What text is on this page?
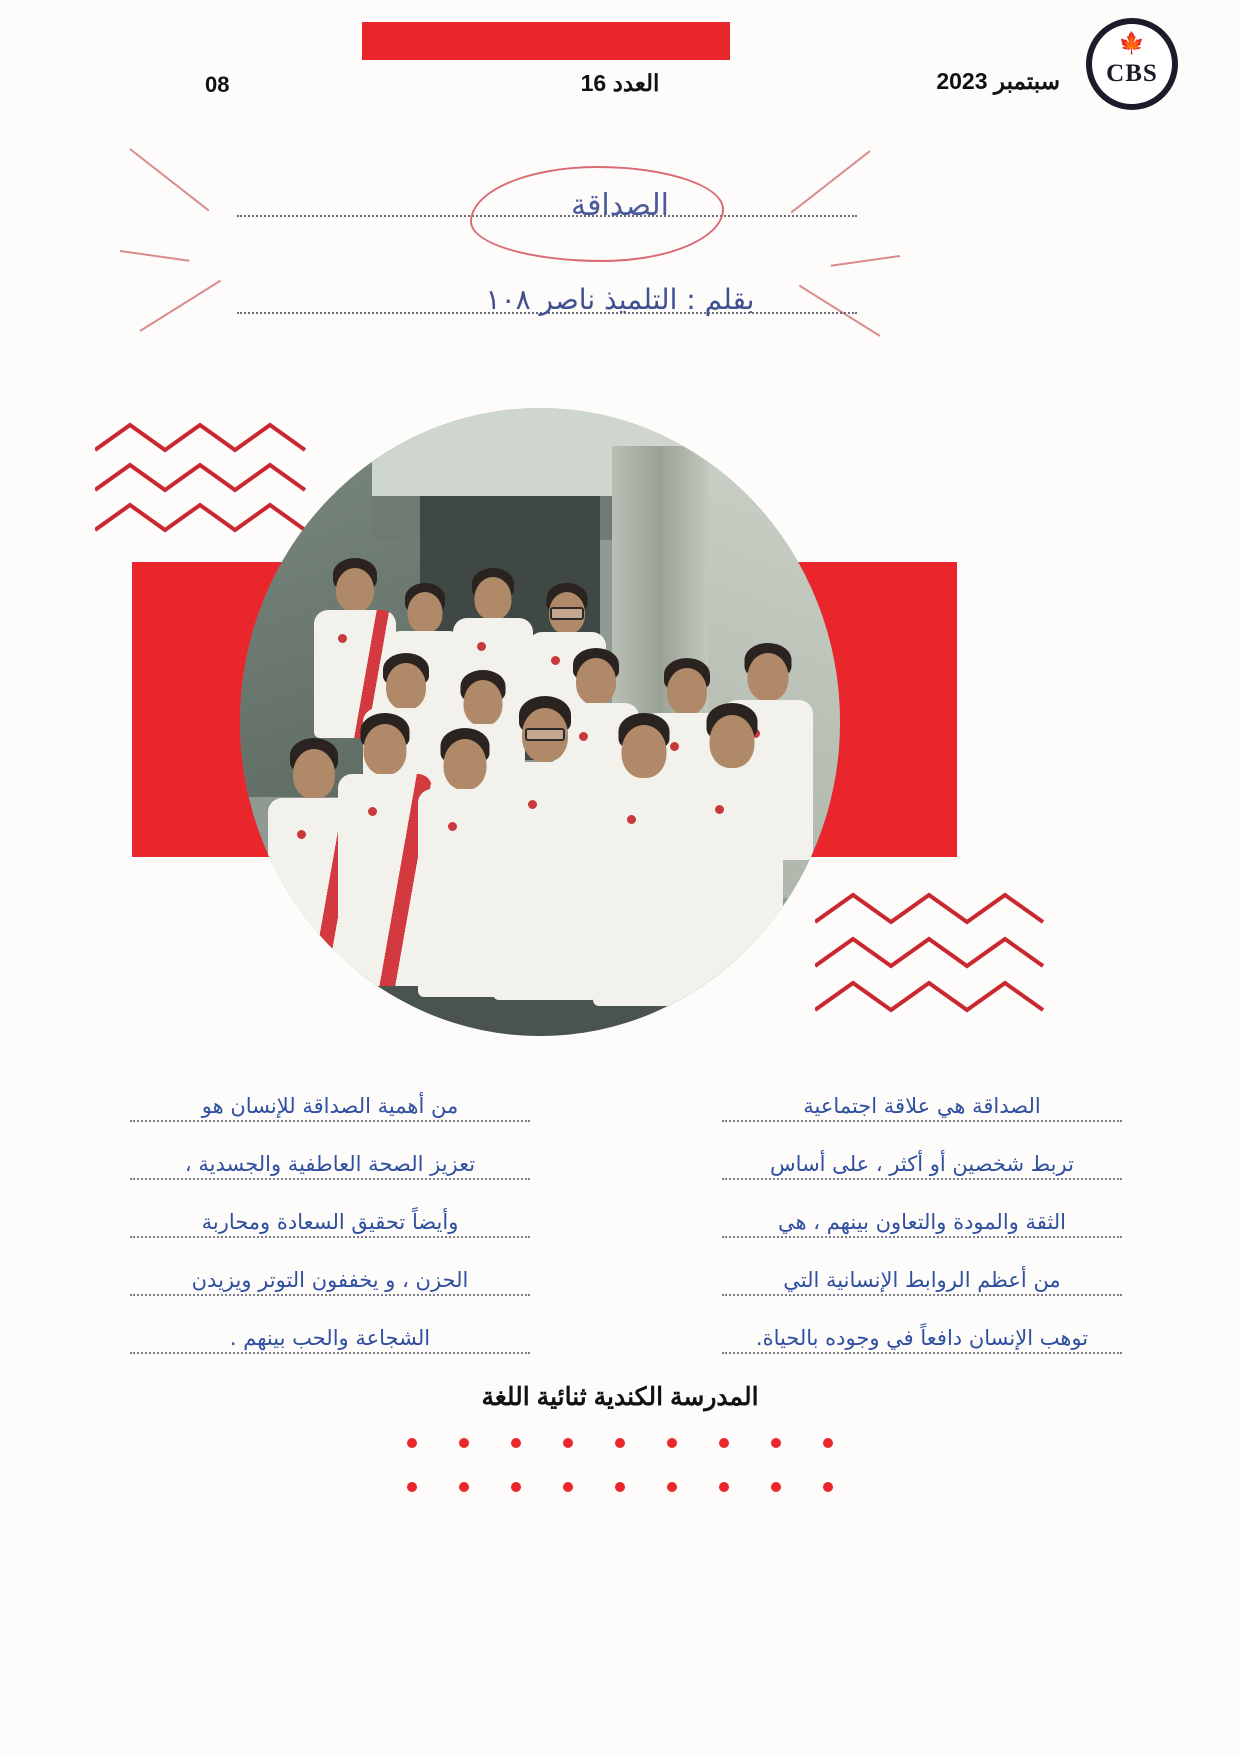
🍁
CBS
سبتمبر 2023
العدد 16
08
الصداقة
بقلم : التلميذ ناصر ١٠٨
الصداقة هي علاقة اجتماعية
تربط شخصين أو أكثر ، على أساس
الثقة والمودة والتعاون بينهم ، هي
من أعظم الروابط الإنسانية التي
توهب الإنسان دافعاً في وجوده بالحياة.
من أهمية الصداقة للإنسان هو
تعزيز الصحة العاطفية والجسدية ،
وأيضاً تحقيق السعادة ومحاربة
الحزن ، و يخففون التوتر ويزيدن
الشجاعة والحب بينهم .
المدرسة الكندية ثنائية اللغة
